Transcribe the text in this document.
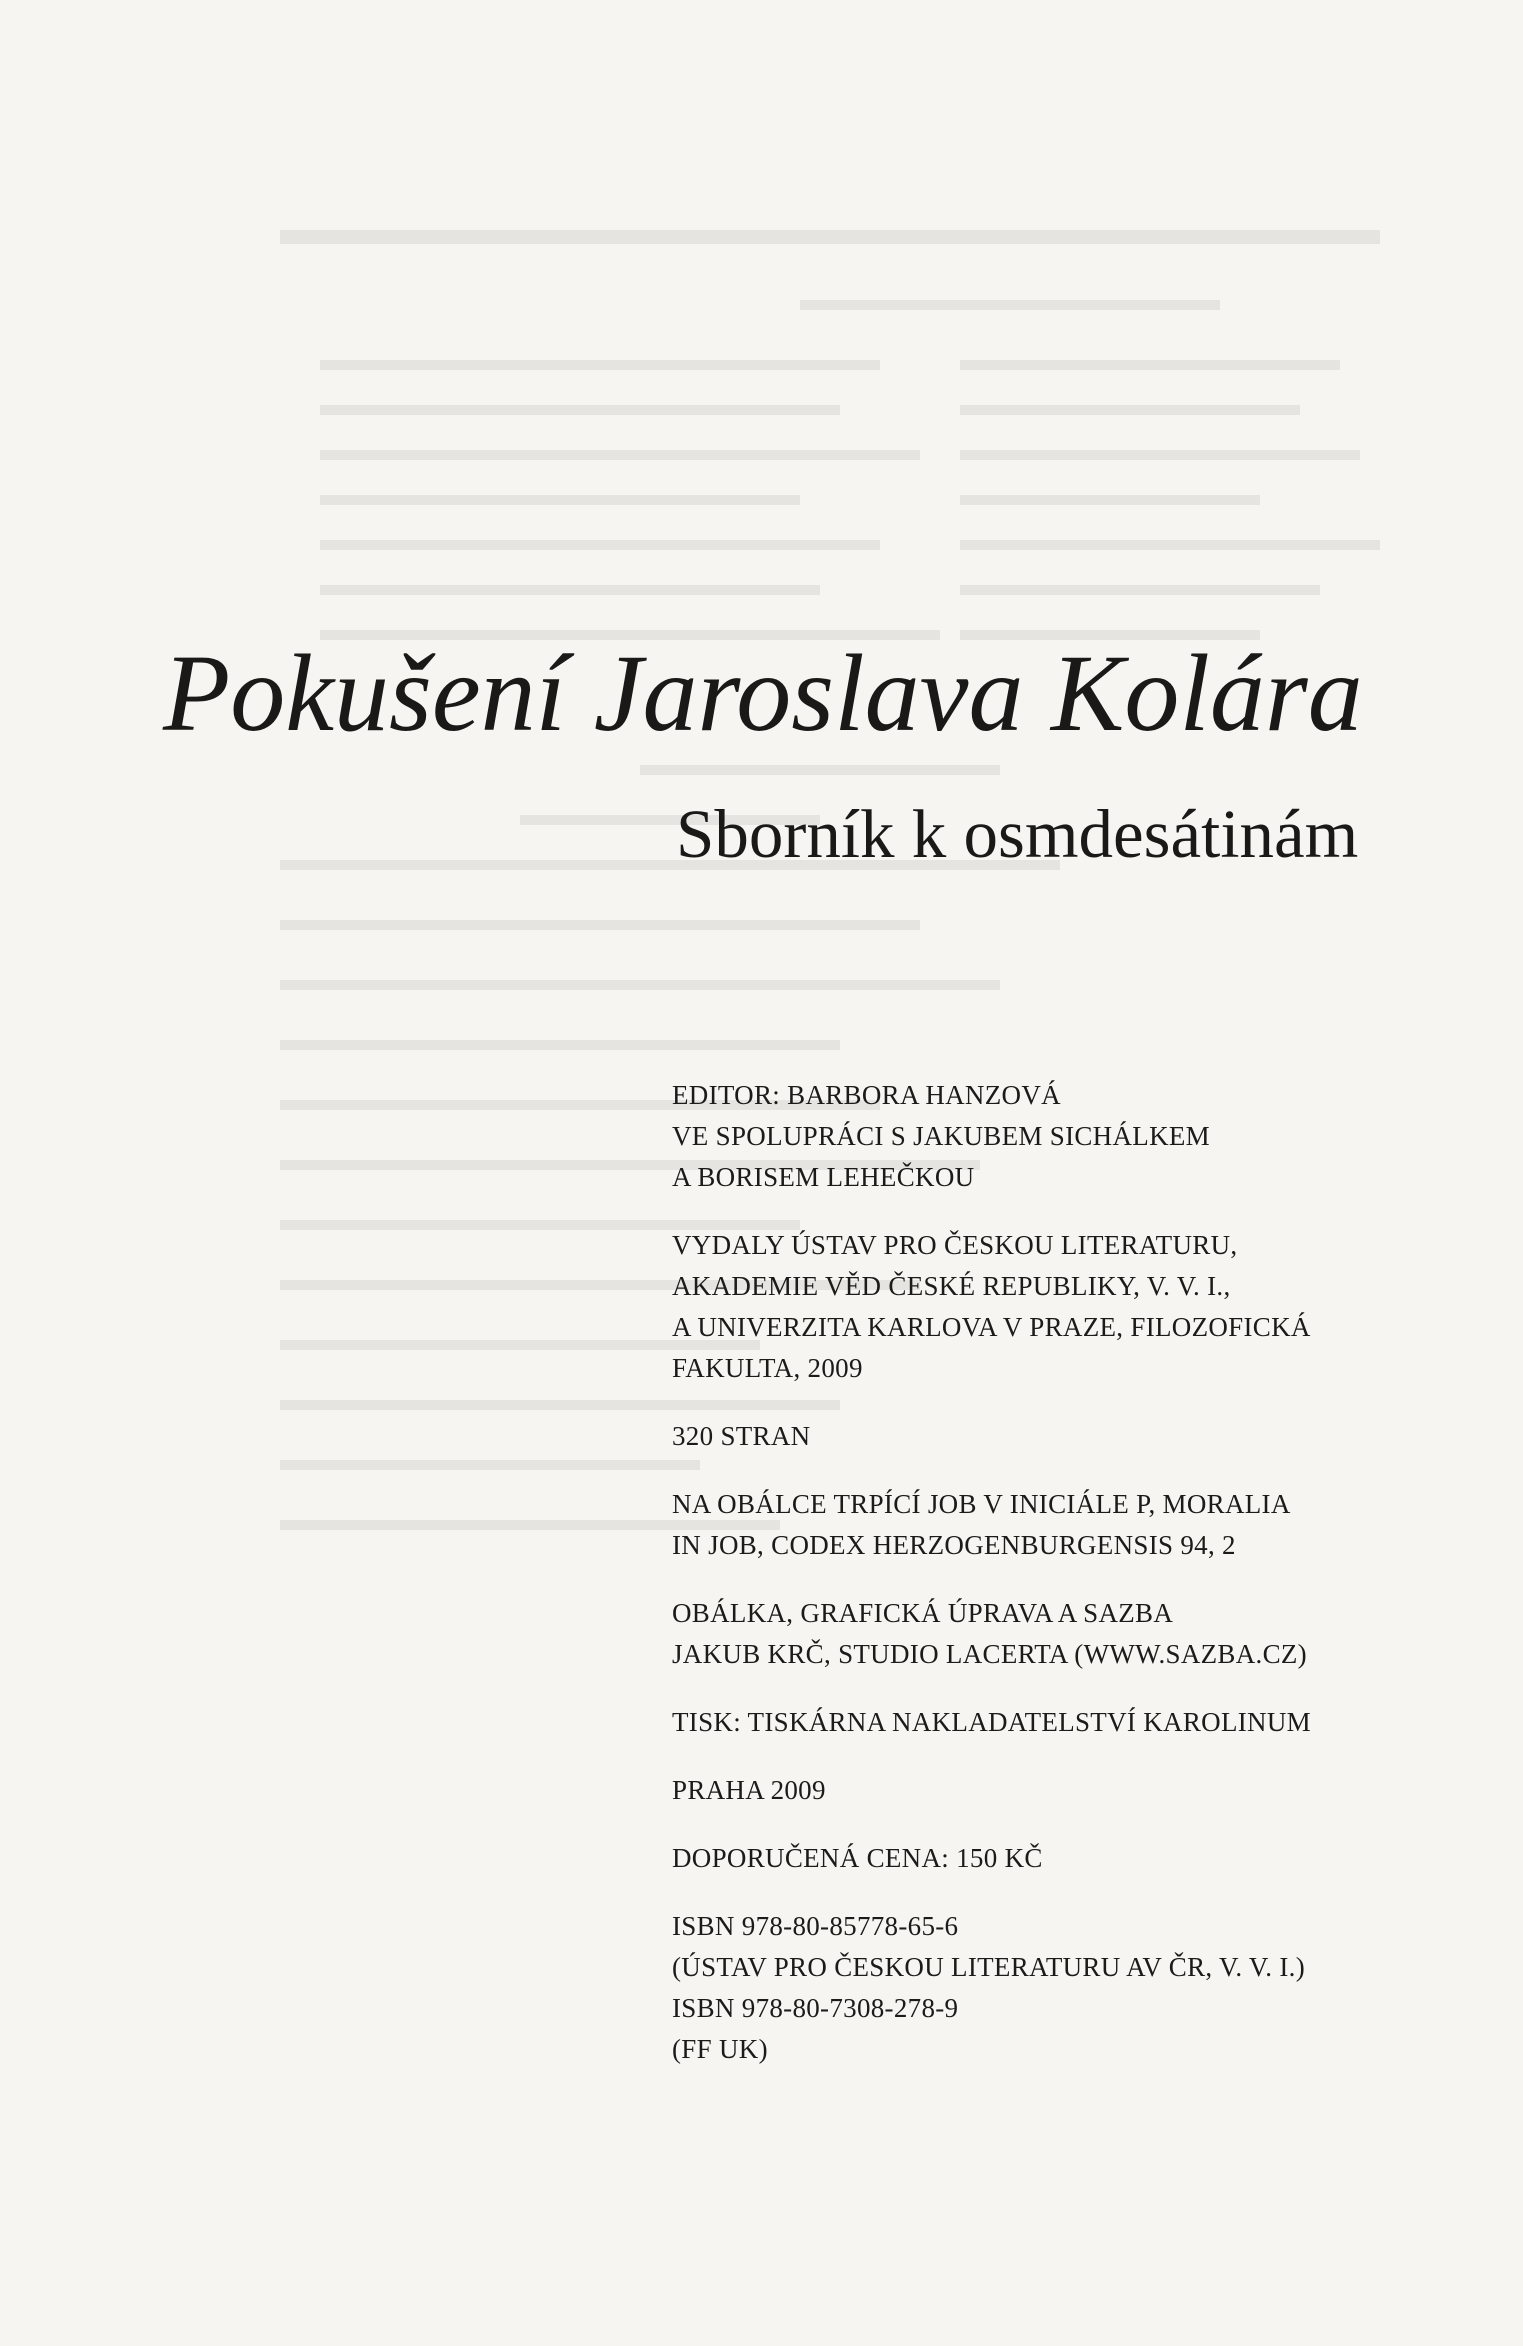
Pokušení Jaroslava Kolára
Sborník k osmdesátinám
EDITOR: BARBORA HANZOVÁ
VE SPOLUPRÁCI S JAKUBEM SICHÁLKEM
A BORISEM LEHEČKOU
VYDALY ÚSTAV PRO ČESKOU LITERATURU,
AKADEMIE VĚD ČESKÉ REPUBLIKY, V. V. I.,
A UNIVERZITA KARLOVA V PRAZE, FILOZOFICKÁ
FAKULTA, 2009
320 STRAN
NA OBÁLCE TRPÍCÍ JOB V INICIÁLE P, MORALIA
IN JOB, CODEX HERZOGENBURGENSIS 94, 2
OBÁLKA, GRAFICKÁ ÚPRAVA A SAZBA
JAKUB KRČ, STUDIO LACERTA (WWW.SAZBA.CZ)
TISK: TISKÁRNA NAKLADATELSTVÍ KAROLINUM
PRAHA 2009
DOPORUČENÁ CENA: 150 KČ
ISBN 978-80-85778-65-6
(ÚSTAV PRO ČESKOU LITERATURU AV ČR, V. V. I.)
ISBN 978-80-7308-278-9
(FF UK)
